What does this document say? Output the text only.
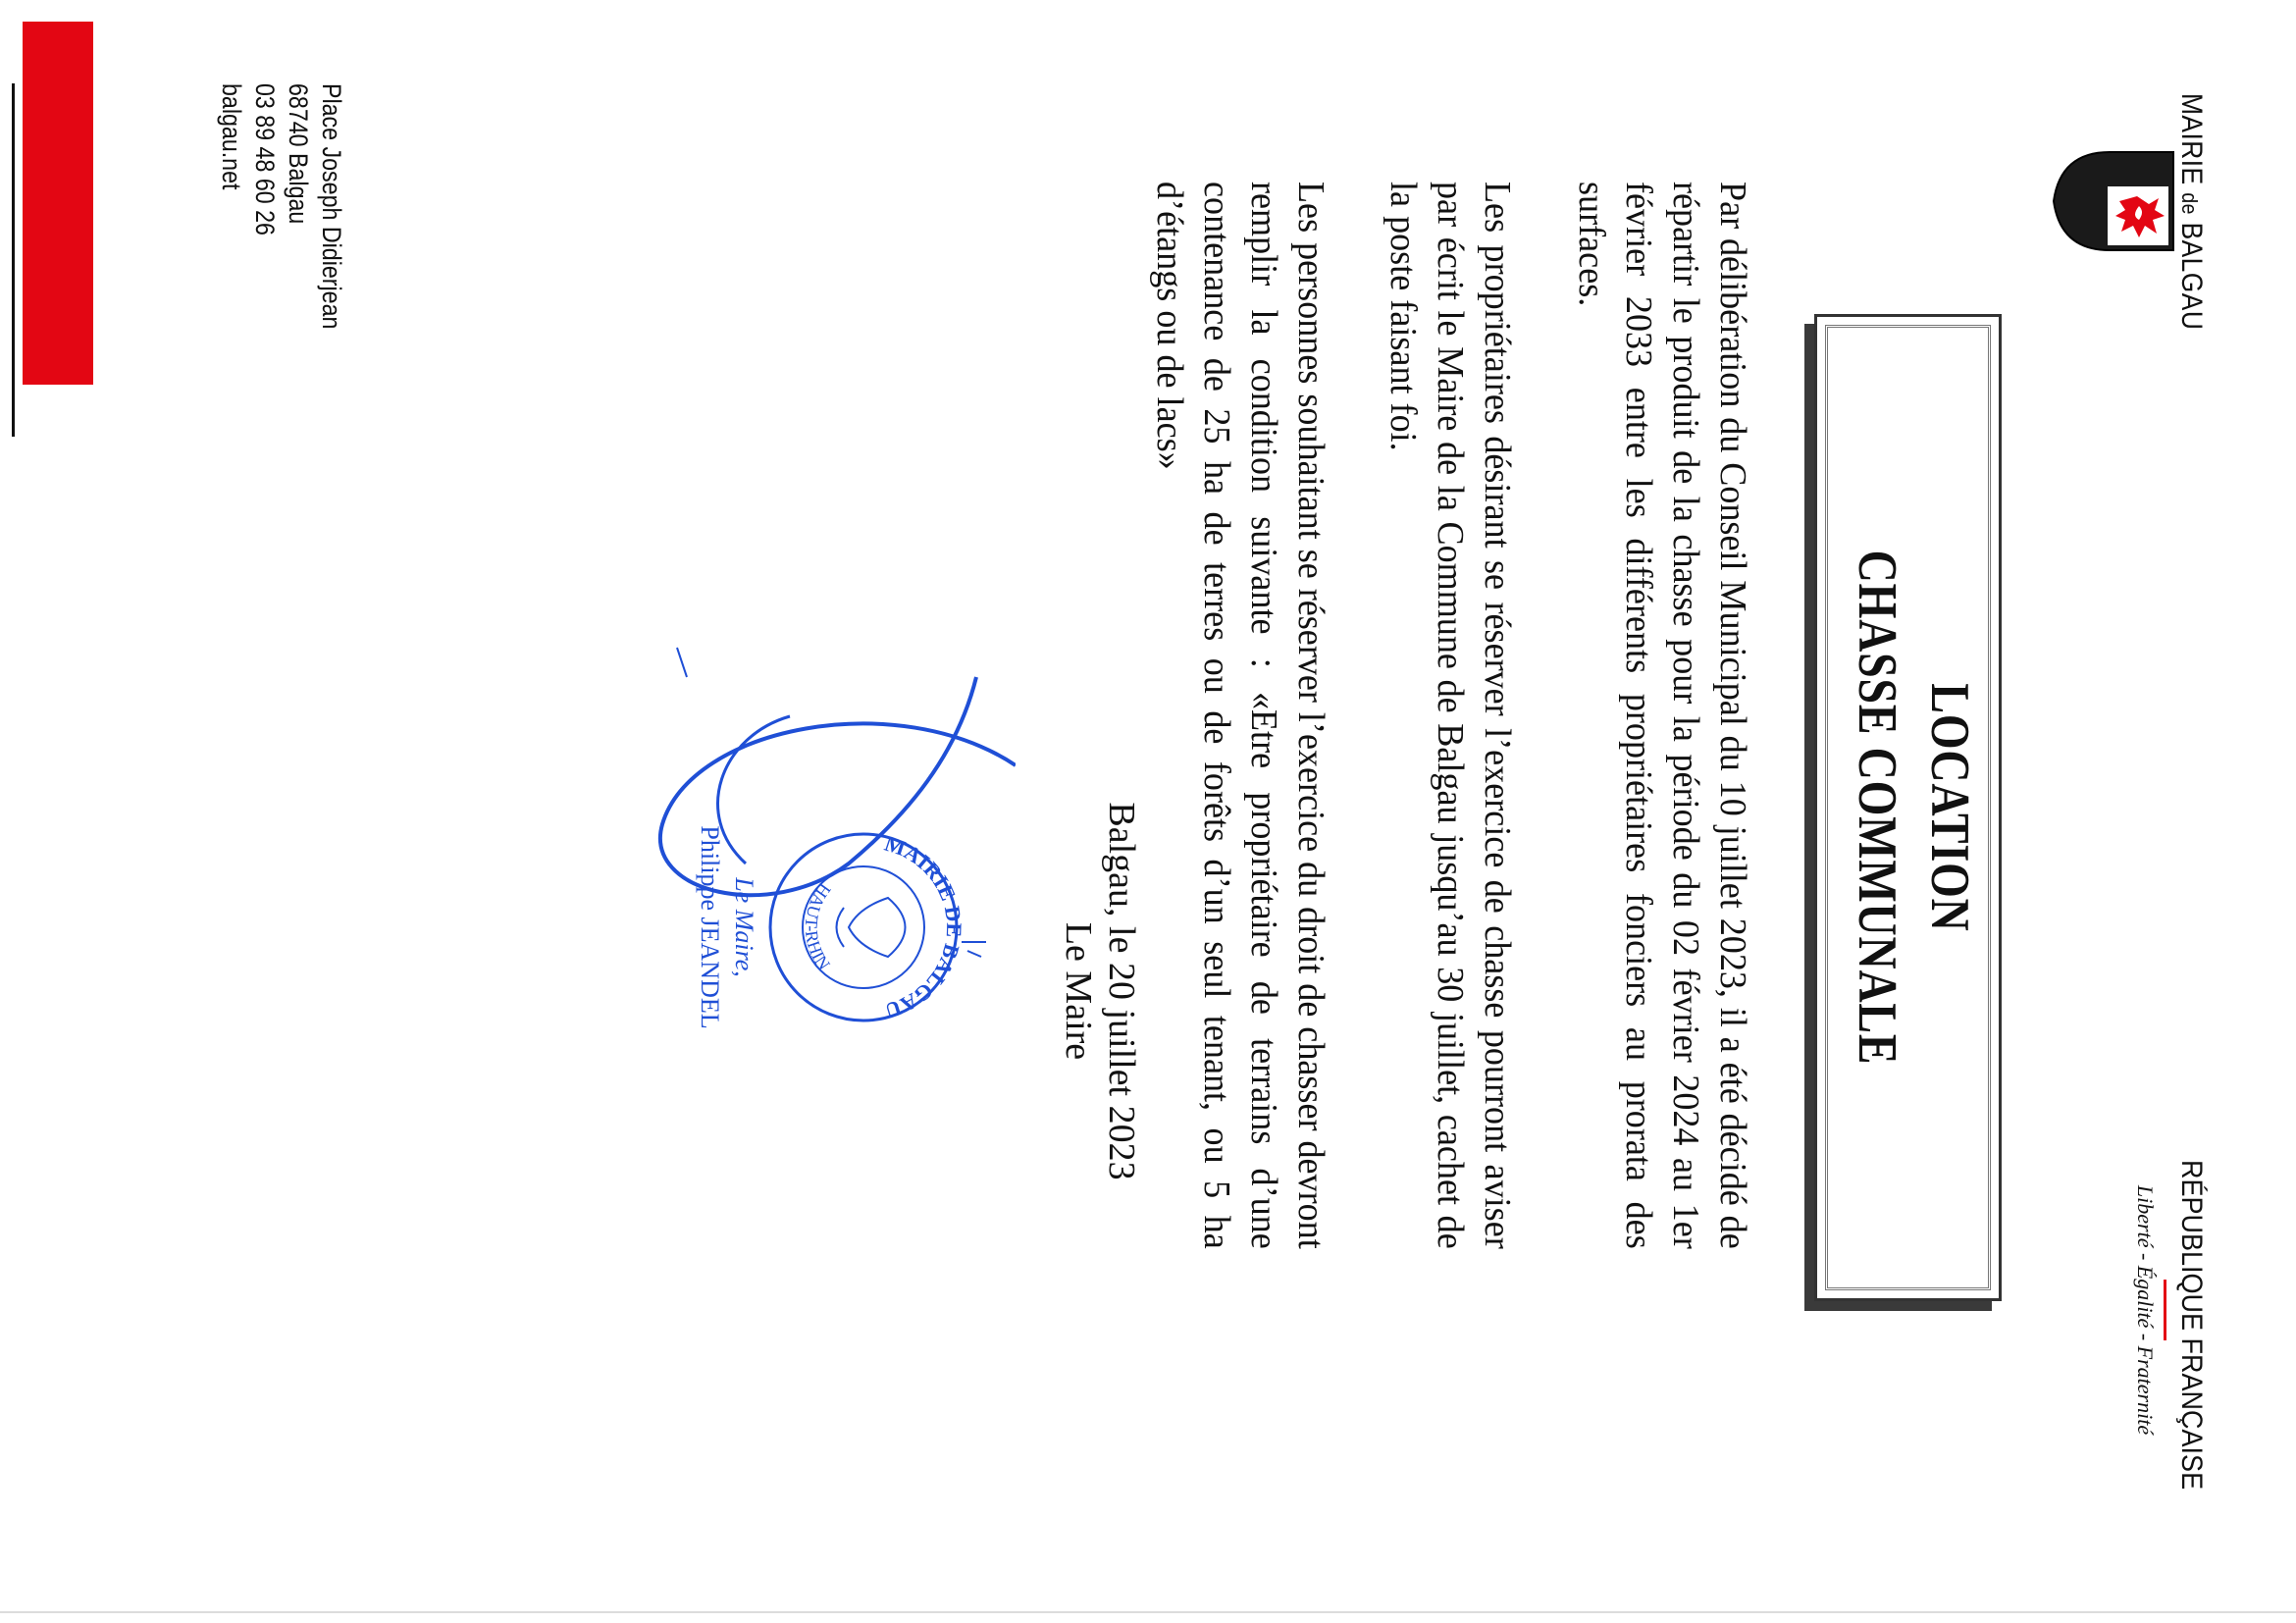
MAIRIE de BALGAU
RÉPUBLIQUE FRANÇAISE
Liberté - Égalité - Fraternité
LOCATION
CHASSE COMMUNALE
Par délibération du Conseil Municipal du 10 juillet 2023, il a été décidé de répartir le produit de la chasse pour la période du 02 février 2024 au 1er février 2033 entre les différents propriétaires fonciers au prorata des surfaces.
Les propriétaires désirant se réserver l’exercice de chasse pourront aviser par écrit le Maire de la Commune de Balgau jusqu’au 30 juillet, cachet de la poste faisant foi.
Les personnes souhaitant se réserver l’exercice du droit de chasser devront remplir la condition suivante : «Etre propriétaire de terrains d’une contenance de 25 ha de terres ou de forêts d’un seul tenant, ou 5 ha d’étangs ou de lacs»
Balgau, le 20 juillet 2023
Le Maire
MAIRIE DE BALGAU
HAUT-RHIN
Le Maire,
Philippe JEANDEL
Place Joseph Didierjean
68740 Balgau
03 89 48 60 26
balgau.net
